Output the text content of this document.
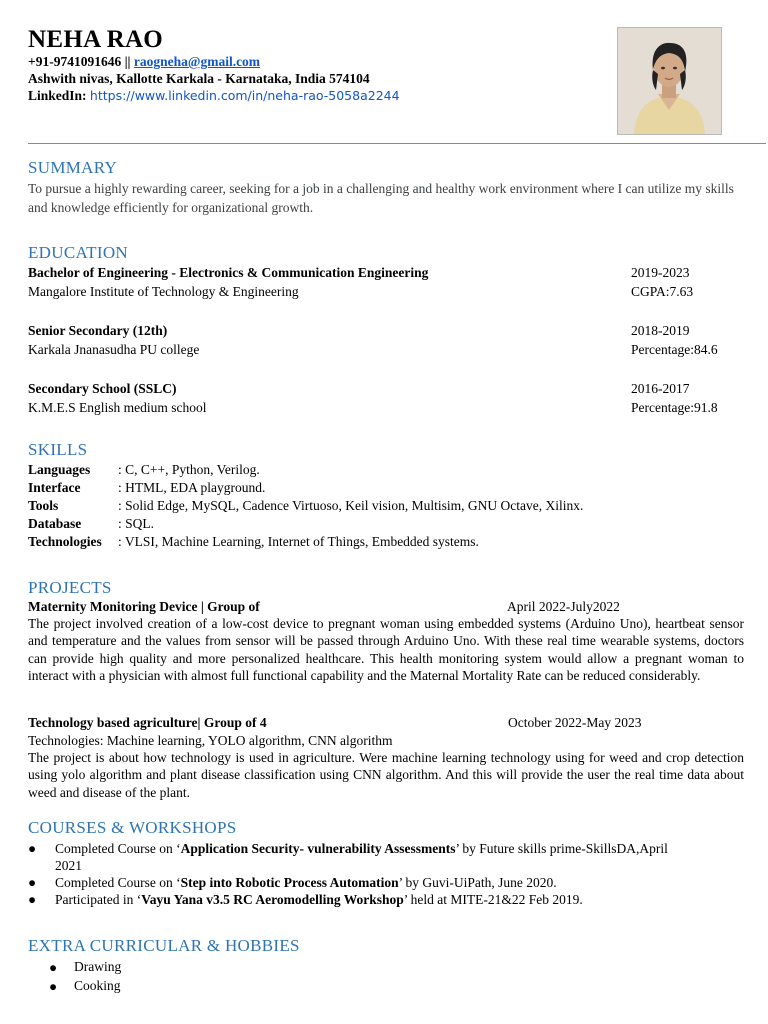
NEHA RAO
+91-9741091646 || raogneha@gmail.com
Ashwith nivas, Kallotte Karkala - Karnataka, India 574104
LinkedIn: https://www.linkedin.com/in/neha-rao-5058a2244
SUMMARY
To pursue a highly rewarding career, seeking for a job in a challenging and healthy work environment where I can utilize my skills and knowledge efficiently for organizational growth.
EDUCATION
Bachelor of Engineering - Electronics & Communication Engineering	2019-2023
Mangalore Institute of Technology & Engineering	CGPA:7.63
Senior Secondary (12th)	2018-2019
Karkala Jnanasudha PU college	Percentage:84.6
Secondary School (SSLC)	2016-2017
K.M.E.S English medium school	Percentage:91.8
SKILLS
Languages : C, C++, Python, Verilog.
Interface	: HTML, EDA playground.
Tools	: Solid Edge, MySQL, Cadence Virtuoso, Keil vision, Multisim, GNU Octave, Xilinx.
Database	: SQL.
Technologies : VLSI, Machine Learning, Internet of Things, Embedded systems.
PROJECTS
Maternity Monitoring Device | Group of	April 2022-July2022
The project involved creation of a low-cost device to pregnant woman using embedded systems (Arduino Uno), heartbeat sensor and temperature and the values from sensor will be passed through Arduino Uno. With these real time wearable systems, doctors can provide high quality and more personalized healthcare. This health monitoring system would allow a pregnant woman to interact with a physician with almost full functional capability and the Maternal Mortality Rate can be reduced considerably.
Technology based agriculture| Group of 4	October 2022-May 2023
Technologies: Machine learning, YOLO algorithm, CNN algorithm
The project is about how technology is used in agriculture. Were machine learning technology using for weed and crop detection using yolo algorithm and plant disease classification using CNN algorithm. And this will provide the user the real time data about weed and disease of the plant.
COURSES & WORKSHOPS
● Completed Course on ‘Application Security- vulnerability Assessments’ by Future skills prime-SkillsDA,April 2021
● Completed Course on ‘Step into Robotic Process Automation’ by Guvi-UiPath, June 2020.
● Participated in ‘Vayu Yana v3.5 RC Aeromodelling Workshop’ held at MITE-21&22 Feb 2019.
EXTRA CURRICULAR & HOBBIES
● Drawing
● Cooking
